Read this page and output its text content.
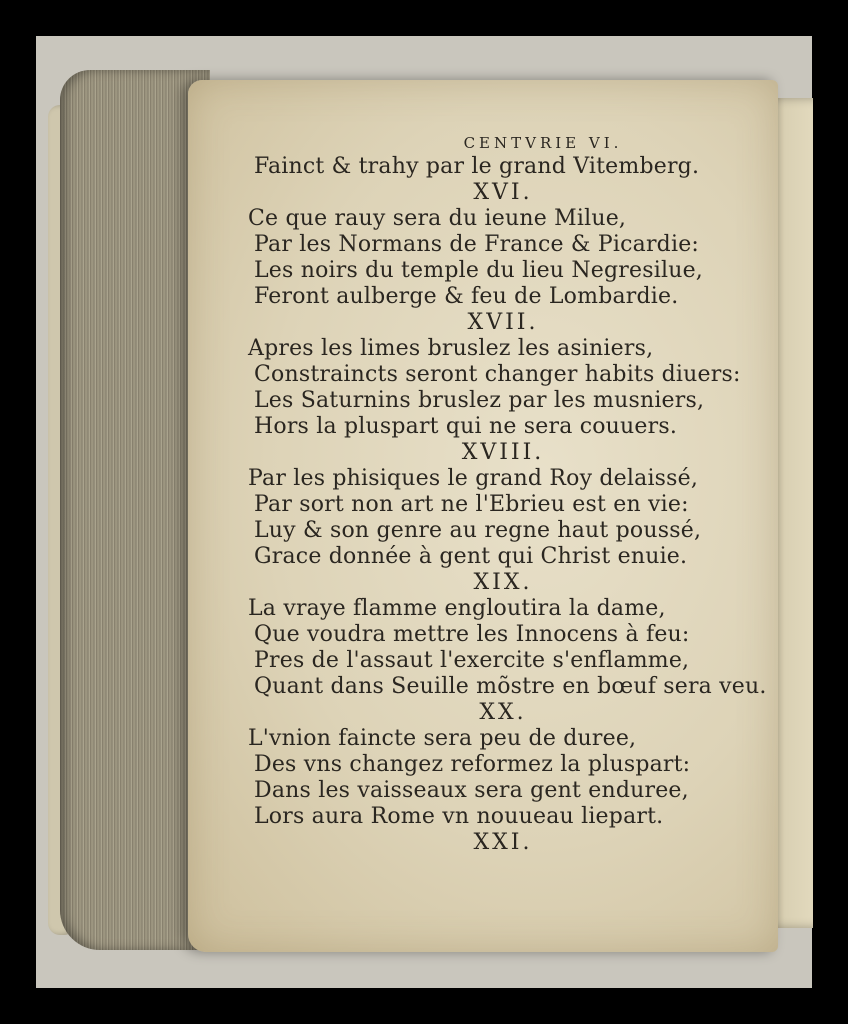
CENTVRIE VI.
Fainct & trahy par le grand Vitemberg.
XVI.
Ce que rauy sera du ieune Milue,
Par les Normans de France & Picardie:
Les noirs du temple du lieu Negresilue,
Feront aulberge & feu de Lombardie.
XVII.
Apres les limes bruslez les asiniers,
Constraincts seront changer habits diuers:
Les Saturnins bruslez par les musniers,
Hors la pluspart qui ne sera couuers.
XVIII.
Par les phisiques le grand Roy delaissé,
Par sort non art ne l'Ebrieu est en vie:
Luy & son genre au regne haut poussé,
Grace donnée à gent qui Christ enuie.
XIX.
La vraye flamme engloutira la dame,
Que voudra mettre les Innocens à feu:
Pres de l'assaut l'exercite s'enflamme,
Quant dans Seuille mõstre en bœuf sera veu.
XX.
L'vnion faincte sera peu de duree,
Des vns changez reformez la pluspart:
Dans les vaisseaux sera gent enduree,
Lors aura Rome vn nouueau liepart.
XXI.
